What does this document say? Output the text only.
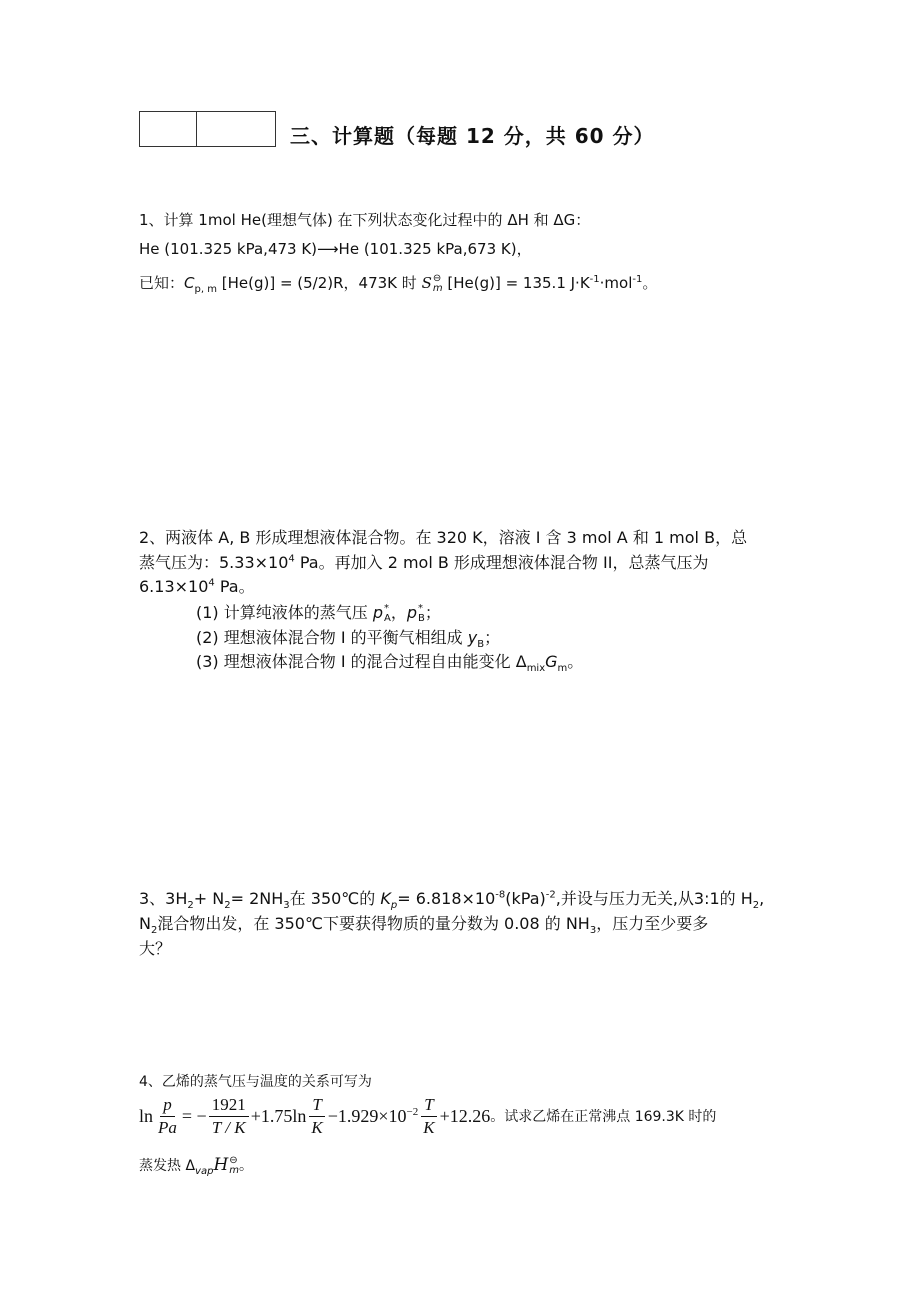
三、计算题（每题 12 分，共 60 分）
1、计算 1mol He(理想气体) 在下列状态变化过程中的 ΔH 和 ΔG：
He (101.325 kPa,473 K)⟶He (101.325 kPa,673 K)，
已知：$C_{p, m}$ [He(g)] = (5/2)R，473K 时 S ⊖
m [He(g)] = 135.1 $J\cdot K^{-1}\cdot mol^{-1}$。
2、两液体 A, B 形成理想液体混合物。在 320 K，溶液 I 含 3 mol A 和 1 mol B，总
蒸气压为：$5.33\times 10^4$ Pa。再加入 2 mol B 形成理想液体混合物 II，总蒸气压为
$6.13\times 10^4$ Pa。
(1) 计算纯液体的蒸气压 p *
A ，p *
B ；
(2) 理想液体混合物 I 的平衡气相组成 $y_B$；
(3) 理想液体混合物 I 的混合过程自由能变化 $\Delta_{mix}G_m$。
3、$3H_2+ N_2= 2NH_3$在 350℃的 $K_p= 6.818\times 10^{-8}(kPa)^{-2}$,并设与压力无关,从3:1的 $H_2$,
$N_2$混合物出发，在 350℃下要获得物质的量分数为 0.08 的 $NH_3$，压力至少要多
大？
4、乙烯的蒸气压与温度的关系可写为
$\ln \frac{p}{Pa}$ = − $\frac{1921}{T / K} +1.75\ln \frac{T}{K} -1.929\times 10^{-2} \frac{T}{K} +12.26$ 。试求乙烯在正常沸点 169.3K 时的
蒸发热 $\Delta_{vap}H$ ⊖
m 。
